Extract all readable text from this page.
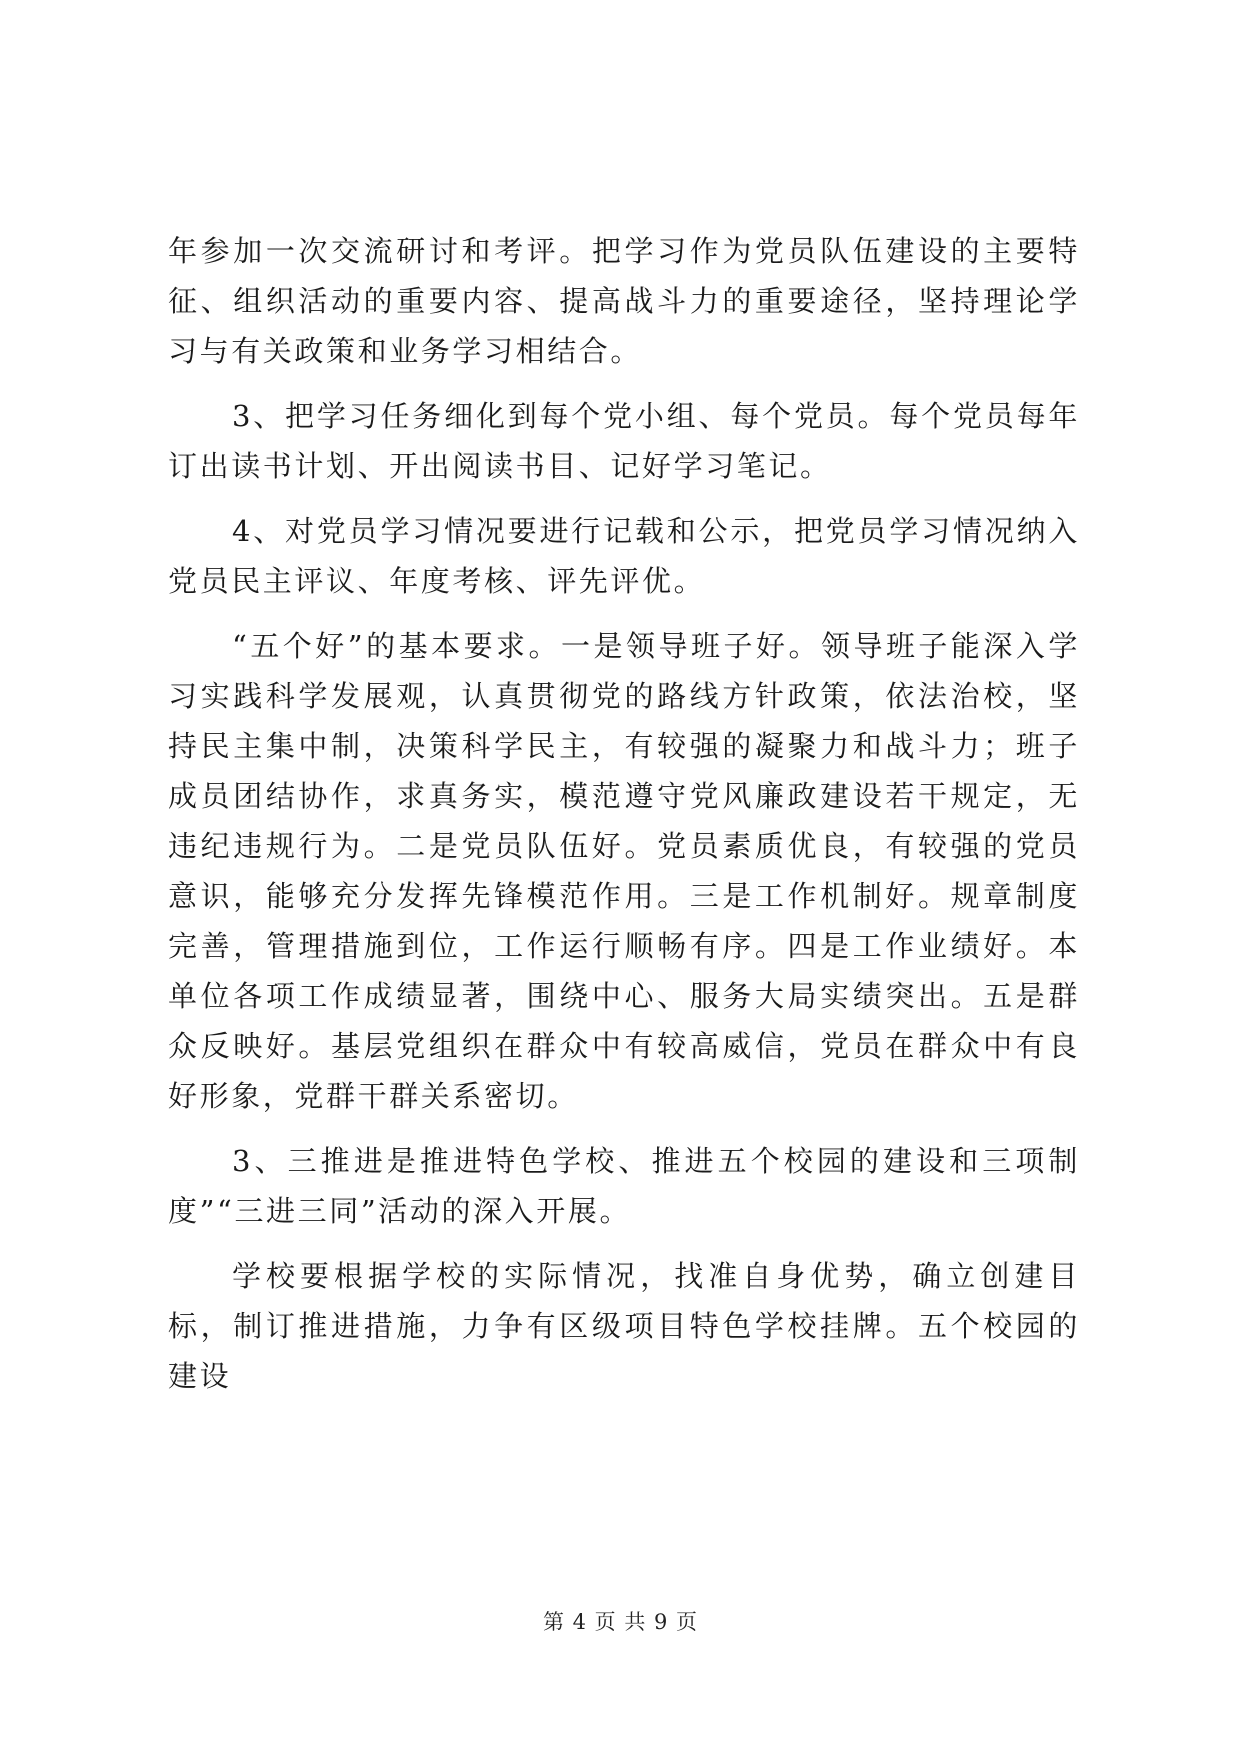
年参加一次交流研讨和考评。把学习作为党员队伍建设的主要特征、组织活动的重要内容、提高战斗力的重要途径，坚持理论学习与有关政策和业务学习相结合。

3、把学习任务细化到每个党小组、每个党员。每个党员每年订出读书计划、开出阅读书目、记好学习笔记。

4、对党员学习情况要进行记载和公示，把党员学习情况纳入党员民主评议、年度考核、评先评优。

“五个好”的基本要求。一是领导班子好。领导班子能深入学习实践科学发展观，认真贯彻党的路线方针政策，依法治校，坚持民主集中制，决策科学民主，有较强的凝聚力和战斗力；班子成员团结协作，求真务实，模范遵守党风廉政建设若干规定，无违纪违规行为。二是党员队伍好。党员素质优良，有较强的党员意识，能够充分发挥先锋模范作用。三是工作机制好。规章制度完善，管理措施到位，工作运行顺畅有序。四是工作业绩好。本单位各项工作成绩显著，围绕中心、服务大局实绩突出。五是群众反映好。基层党组织在群众中有较高威信，党员在群众中有良好形象，党群干群关系密切。

3、三推进是推进特色学校、推进五个校园的建设和三项制度”“三进三同”活动的深入开展。

学校要根据学校的实际情况，找准自身优势，确立创建目标，制订推进措施，力争有区级项目特色学校挂牌。五个校园的建设

第 4 页 共 9 页
